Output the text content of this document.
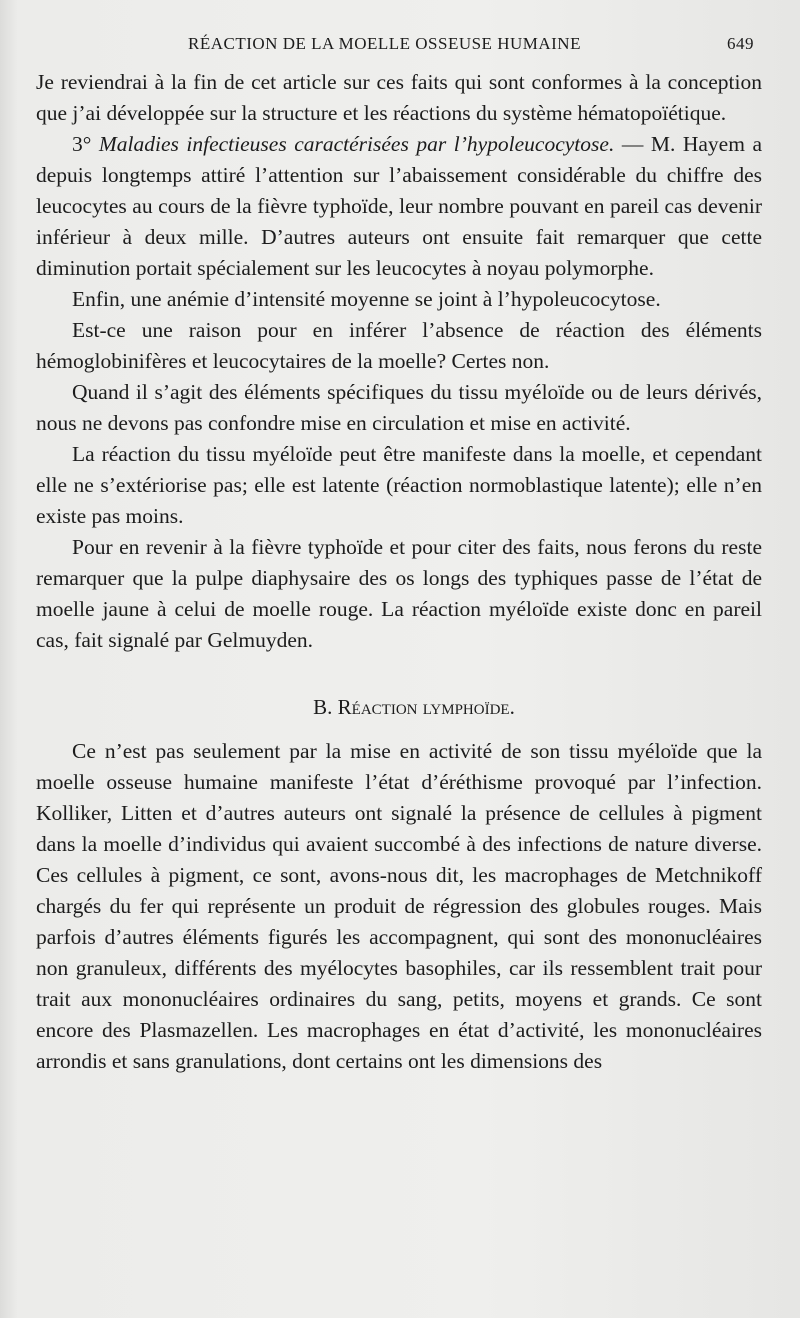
RÉACTION DE LA MOELLE OSSEUSE HUMAINE	649

Je reviendrai à la fin de cet article sur ces faits qui sont conformes à la conception que j’ai développée sur la structure et les réactions du système hématopoïétique.

3° Maladies infectieuses caractérisées par l’hypoleucocytose. — M. Hayem a depuis longtemps attiré l’attention sur l’abaissement considérable du chiffre des leucocytes au cours de la fièvre typhoïde, leur nombre pouvant en pareil cas devenir inférieur à deux mille. D’autres auteurs ont ensuite fait remarquer que cette diminution portait spécialement sur les leucocytes à noyau polymorphe.

Enfin, une anémie d’intensité moyenne se joint à l’hypoleucocytose.

Est-ce une raison pour en inférer l’absence de réaction des éléments hémoglobinifères et leucocytaires de la moelle? Certes non.

Quand il s’agit des éléments spécifiques du tissu myéloïde ou de leurs dérivés, nous ne devons pas confondre mise en circulation et mise en activité.

La réaction du tissu myéloïde peut être manifeste dans la moelle, et cependant elle ne s’extériorise pas; elle est latente (réaction normoblastique latente); elle n’en existe pas moins.

Pour en revenir à la fièvre typhoïde et pour citer des faits, nous ferons du reste remarquer que la pulpe diaphysaire des os longs des typhiques passe de l’état de moelle jaune à celui de moelle rouge. La réaction myéloïde existe donc en pareil cas, fait signalé par Gelmuyden.

B. Réaction lymphoïde.

Ce n’est pas seulement par la mise en activité de son tissu myéloïde que la moelle osseuse humaine manifeste l’état d’éréthisme provoqué par l’infection. Kolliker, Litten et d’autres auteurs ont signalé la présence de cellules à pigment dans la moelle d’individus qui avaient succombé à des infections de nature diverse. Ces cellules à pigment, ce sont, avons-nous dit, les macrophages de Metchnikoff chargés du fer qui représente un produit de régression des globules rouges. Mais parfois d’autres éléments figurés les accompagnent, qui sont des mononucléaires non granuleux, différents des myélocytes basophiles, car ils ressemblent trait pour trait aux mononucléaires ordinaires du sang, petits, moyens et grands. Ce sont encore des Plasmazellen. Les macrophages en état d’activité, les mononucléaires arrondis et sans granulations, dont certains ont les dimensions des
